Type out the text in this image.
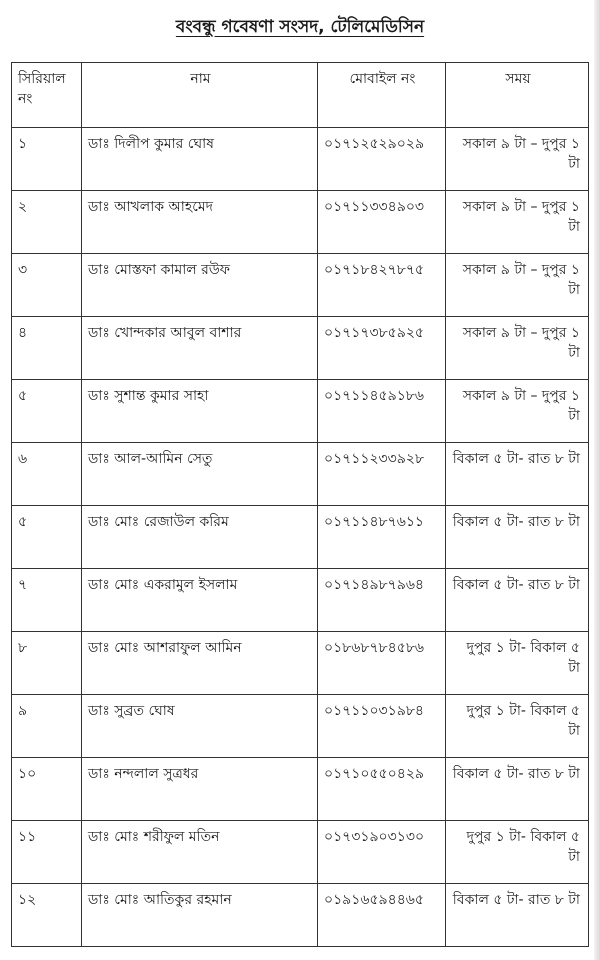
বংবন্ধু গবেষণা সংসদ, টেলিমেডিসিন
সিরিয়াল নং	নাম	মোবাইল নং	সময়
১	ডাঃ দিলীপ কুমার ঘোষ	০১৭১২৫২৯০২৯	সকাল ৯ টা – দুপুর ১ টা
২	ডাঃ আখলাক আহমেদ	০১৭১১৩৩৪৯০৩	সকাল ৯ টা – দুপুর ১ টা
৩	ডাঃ মোস্তফা কামাল রউফ	০১৭১৮৪২৭৮৭৫	সকাল ৯ টা – দুপুর ১ টা
৪	ডাঃ খোন্দকার আবুল বাশার	০১৭১৭৩৮৫৯২৫	সকাল ৯ টা – দুপুর ১ টা
৫	ডাঃ সুশান্ত কুমার সাহা	০১৭১১৪৫৯১৮৬	সকাল ৯ টা – দুপুর ১ টা
৬	ডাঃ আল-আমিন সেতু	০১৭১১২৩৩৯২৮	বিকাল ৫ টা- রাত ৮ টা
৫	ডাঃ মোঃ রেজাউল করিম	০১৭১১৪৮৭৬১১	বিকাল ৫ টা- রাত ৮ টা
৭	ডাঃ মোঃ একরামুল ইসলাম	০১৭১৪৯৮৭৯৬৪	বিকাল ৫ টা- রাত ৮ টা
৮	ডাঃ মোঃ আশরাফুল আমিন	০১৮৬৮৭৮৪৫৮৬	দুপুর ১ টা- বিকাল ৫ টা
৯	ডাঃ সুব্রত ঘোষ	০১৭১১০৩১৯৮৪	দুপুর ১ টা- বিকাল ৫ টা
১০	ডাঃ নন্দলাল সুত্রধর	০১৭১০৫৫০৪২৯	বিকাল ৫ টা- রাত ৮ টা
১১	ডাঃ মোঃ শরীফুল মতিন	০১৭৩১৯০৩১৩০	দুপুর ১ টা- বিকাল ৫ টা
১২	ডাঃ মোঃ আতিকুর রহমান	০১৯১৬৫৯৪৪৬৫	বিকাল ৫ টা- রাত ৮ টা
